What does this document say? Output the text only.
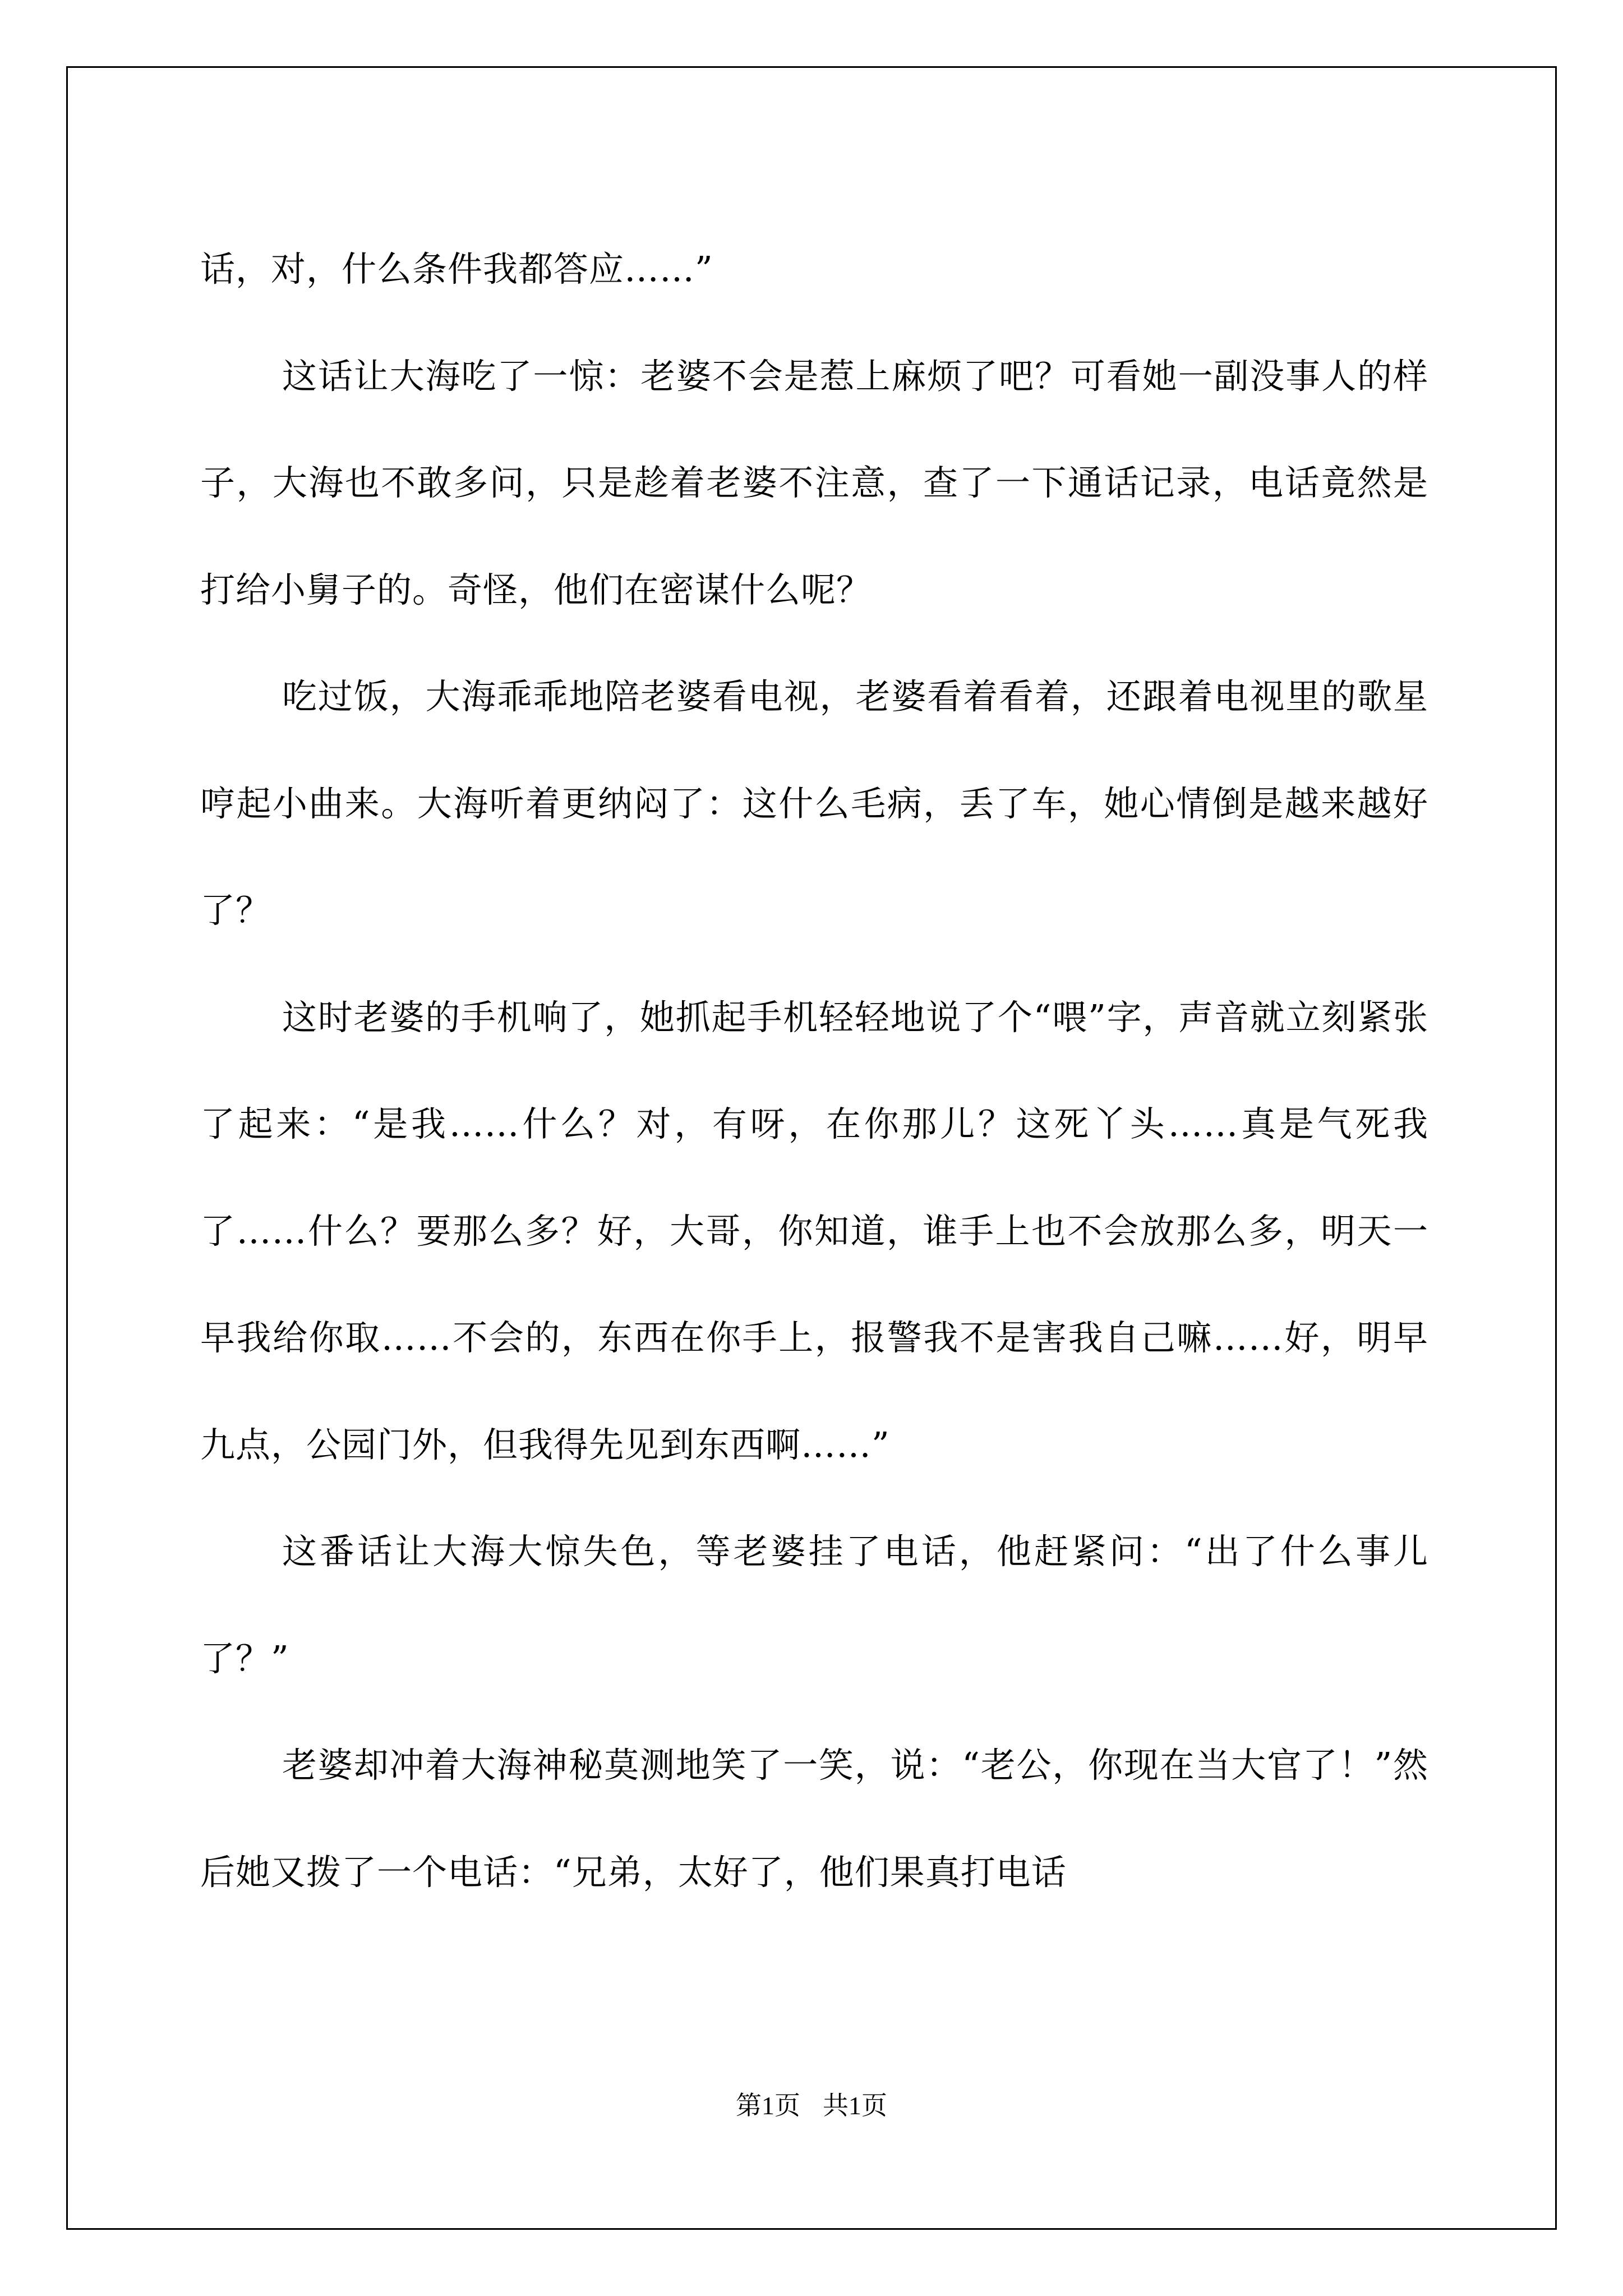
话，对，什么条件我都答应……”

这话让大海吃了一惊：老婆不会是惹上麻烦了吧？可看她一副没事人的样子，大海也不敢多问，只是趁着老婆不注意，查了一下通话记录，电话竟然是打给小舅子的。奇怪，他们在密谋什么呢？

吃过饭，大海乖乖地陪老婆看电视，老婆看着看着，还跟着电视里的歌星哼起小曲来。大海听着更纳闷了：这什么毛病，丢了车，她心情倒是越来越好了？

这时老婆的手机响了，她抓起手机轻轻地说了个“喂”字，声音就立刻紧张了起来：“是我……什么？对，有呀，在你那儿？这死丫头……真是气死我了……什么？要那么多？好，大哥，你知道，谁手上也不会放那么多，明天一早我给你取……不会的，东西在你手上，报警我不是害我自己嘛……好，明早九点，公园门外，但我得先见到东西啊……”

这番话让大海大惊失色，等老婆挂了电话，他赶紧问：“出了什么事儿了？”

老婆却冲着大海神秘莫测地笑了一笑，说：“老公，你现在当大官了！”然后她又拨了一个电话：“兄弟，太好了，他们果真打电话

第1页 共1页
